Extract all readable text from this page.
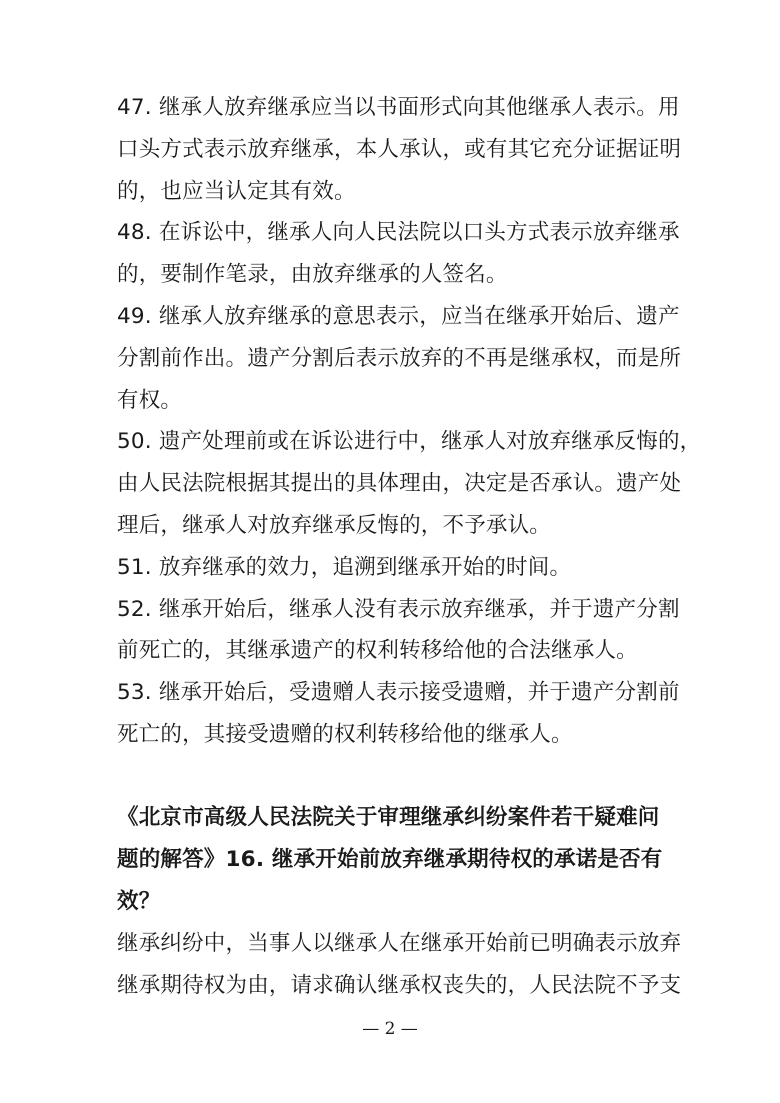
47. 继承人放弃继承应当以书面形式向其他继承人表示。用
口头方式表示放弃继承，本人承认，或有其它充分证据证明
的，也应当认定其有效。
48. 在诉讼中，继承人向人民法院以口头方式表示放弃继承
的，要制作笔录，由放弃继承的人签名。
49. 继承人放弃继承的意思表示，应当在继承开始后、遗产
分割前作出。遗产分割后表示放弃的不再是继承权，而是所
有权。
50. 遗产处理前或在诉讼进行中，继承人对放弃继承反悔的，
由人民法院根据其提出的具体理由，决定是否承认。遗产处
理后，继承人对放弃继承反悔的，不予承认。
51. 放弃继承的效力，追溯到继承开始的时间。
52. 继承开始后，继承人没有表示放弃继承，并于遗产分割
前死亡的，其继承遗产的权利转移给他的合法继承人。
53. 继承开始后，受遗赠人表示接受遗赠，并于遗产分割前
死亡的，其接受遗赠的权利转移给他的继承人。
《北京市高级人民法院关于审理继承纠纷案件若干疑难问
题的解答》16. 继承开始前放弃继承期待权的承诺是否有
效？
继承纠纷中，当事人以继承人在继承开始前已明确表示放弃
继承期待权为由，请求确认继承权丧失的，人民法院不予支
— 2 —
